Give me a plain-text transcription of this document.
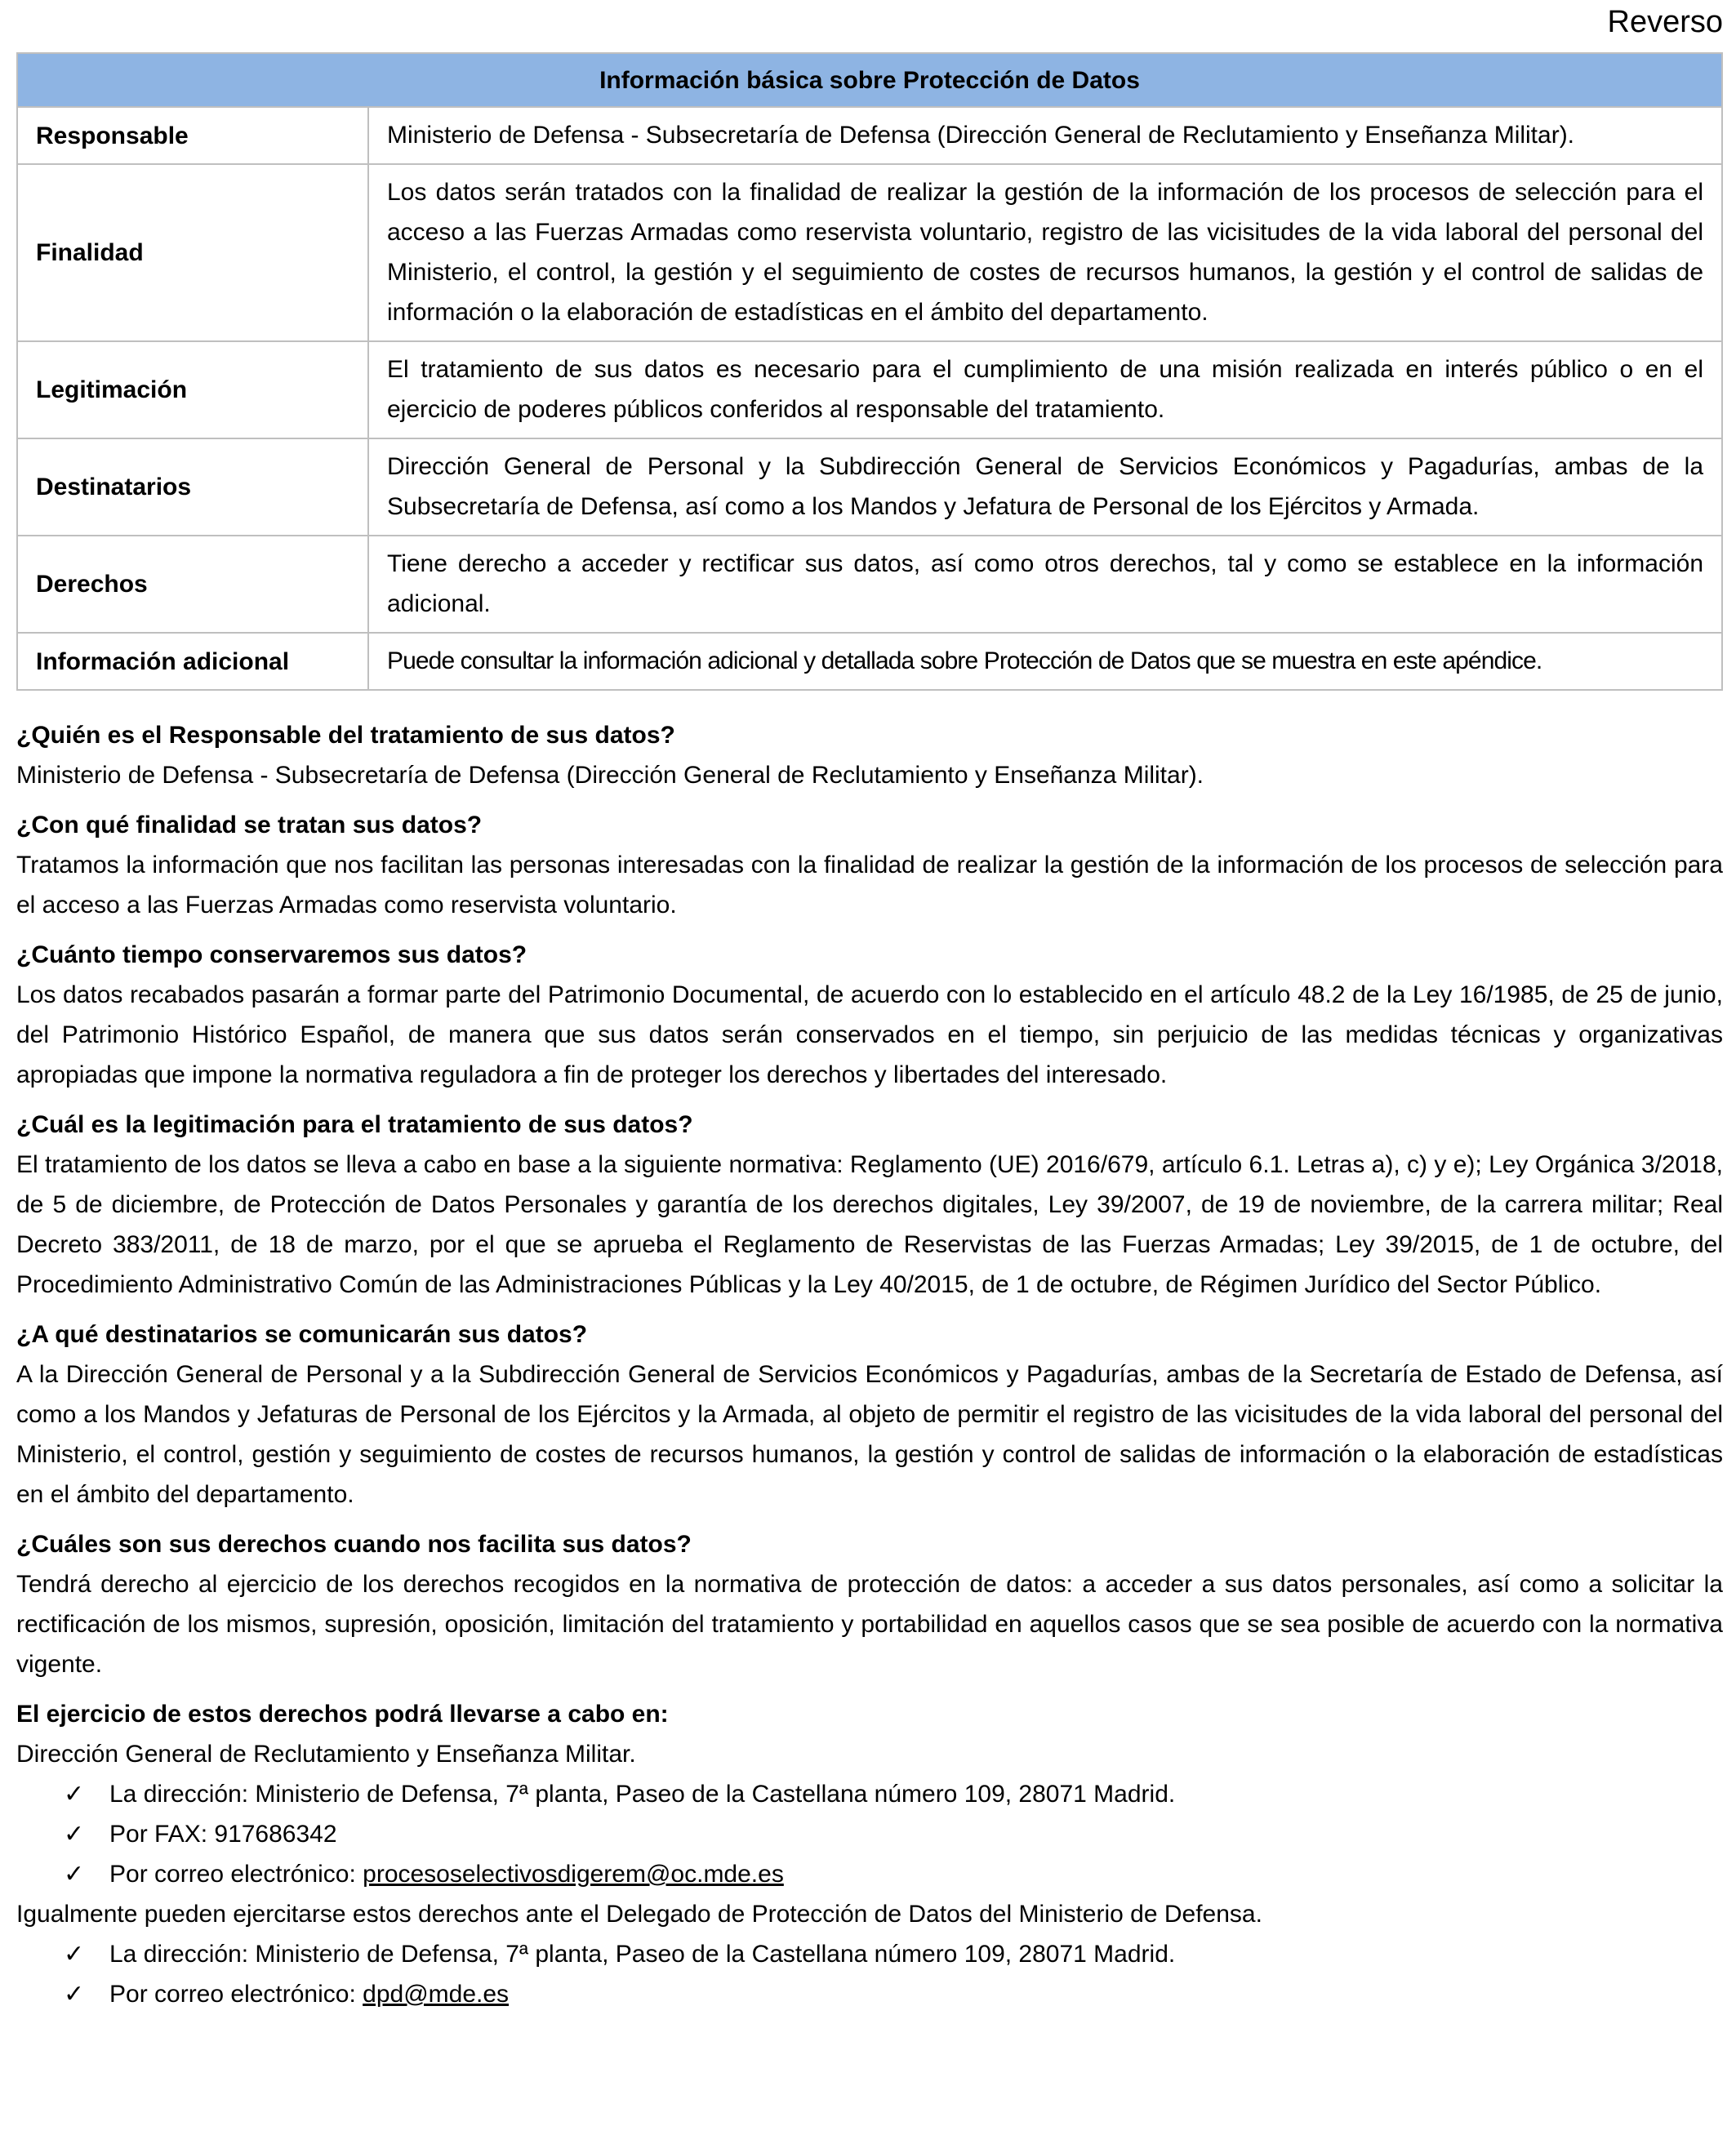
Reverso
Información básica sobre Protección de Datos	
Responsable	Ministerio de Defensa - Subsecretaría de Defensa (Dirección General de Reclutamiento y Enseñanza Militar).
Finalidad	Los datos serán tratados con la finalidad de realizar la gestión de la información de los procesos de selección para el acceso a las Fuerzas Armadas como reservista voluntario, registro de las vicisitudes de la vida laboral del personal del Ministerio, el control, la gestión y el seguimiento de costes de recursos humanos, la gestión y el control de salidas de información o la elaboración de estadísticas en el ámbito del departamento.
Legitimación	El tratamiento de sus datos es necesario para el cumplimiento de una misión realizada en interés público o en el ejercicio de poderes públicos conferidos al responsable del tratamiento.
Destinatarios	Dirección General de Personal y la Subdirección General de Servicios Económicos y Pagadurías, ambas de la Subsecretaría de Defensa, así como a los Mandos y Jefatura de Personal de los Ejércitos y Armada.
Derechos	Tiene derecho a acceder y rectificar sus datos, así como otros derechos, tal y como se establece en la información adicional.
Información adicional	Puede consultar la información adicional y detallada sobre Protección de Datos que se muestra en este apéndice.
¿Quién es el Responsable del tratamiento de sus datos?

Ministerio de Defensa - Subsecretaría de Defensa (Dirección General de Reclutamiento y Enseñanza Militar).

¿Con qué finalidad se tratan sus datos?

Tratamos la información que nos facilitan las personas interesadas con la finalidad de realizar la gestión de la información de los procesos de selección para el acceso a las Fuerzas Armadas como reservista voluntario.

¿Cuánto tiempo conservaremos sus datos?

Los datos recabados pasarán a formar parte del Patrimonio Documental, de acuerdo con lo establecido en el artículo 48.2 de la Ley 16/1985, de 25 de junio, del Patrimonio Histórico Español, de manera que sus datos serán conservados en el tiempo, sin perjuicio de las medidas técnicas y organizativas apropiadas que impone la normativa reguladora a fin de proteger los derechos y libertades del interesado.

¿Cuál es la legitimación para el tratamiento de sus datos?

El tratamiento de los datos se lleva a cabo en base a la siguiente normativa: Reglamento (UE) 2016/679, artículo 6.1. Letras a), c) y e); Ley Orgánica 3/2018, de 5 de diciembre, de Protección de Datos Personales y garantía de los derechos digitales, Ley 39/2007, de 19 de noviembre, de la carrera militar; Real Decreto 383/2011, de 18 de marzo, por el que se aprueba el Reglamento de Reservistas de las Fuerzas Armadas; Ley 39/2015, de 1 de octubre, del Procedimiento Administrativo Común de las Administraciones Públicas y la Ley 40/2015, de 1 de octubre, de Régimen Jurídico del Sector Público.

¿A qué destinatarios se comunicarán sus datos?

A la Dirección General de Personal y a la Subdirección General de Servicios Económicos y Pagadurías, ambas de la Secretaría de Estado de Defensa, así como a los Mandos y Jefaturas de Personal de los Ejércitos y la Armada, al objeto de permitir el registro de las vicisitudes de la vida laboral del personal del Ministerio, el control, gestión y seguimiento de costes de recursos humanos, la gestión y control de salidas de información o la elaboración de estadísticas en el ámbito del departamento.

¿Cuáles son sus derechos cuando nos facilita sus datos?

Tendrá derecho al ejercicio de los derechos recogidos en la normativa de protección de datos: a acceder a sus datos personales, así como a solicitar la rectificación de los mismos, supresión, oposición, limitación del tratamiento y portabilidad en aquellos casos que se sea posible de acuerdo con la normativa vigente.

El ejercicio de estos derechos podrá llevarse a cabo en:

Dirección General de Reclutamiento y Enseñanza Militar.

✓ La dirección: Ministerio de Defensa, 7ª planta, Paseo de la Castellana número 109, 28071 Madrid.
✓ Por FAX: 917686342
✓ Por correo electrónico: procesoselectivosdigerem@oc.mde.es

Igualmente pueden ejercitarse estos derechos ante el Delegado de Protección de Datos del Ministerio de Defensa.

✓ La dirección: Ministerio de Defensa, 7ª planta, Paseo de la Castellana número 109, 28071 Madrid.
✓ Por correo electrónico: dpd@mde.es
